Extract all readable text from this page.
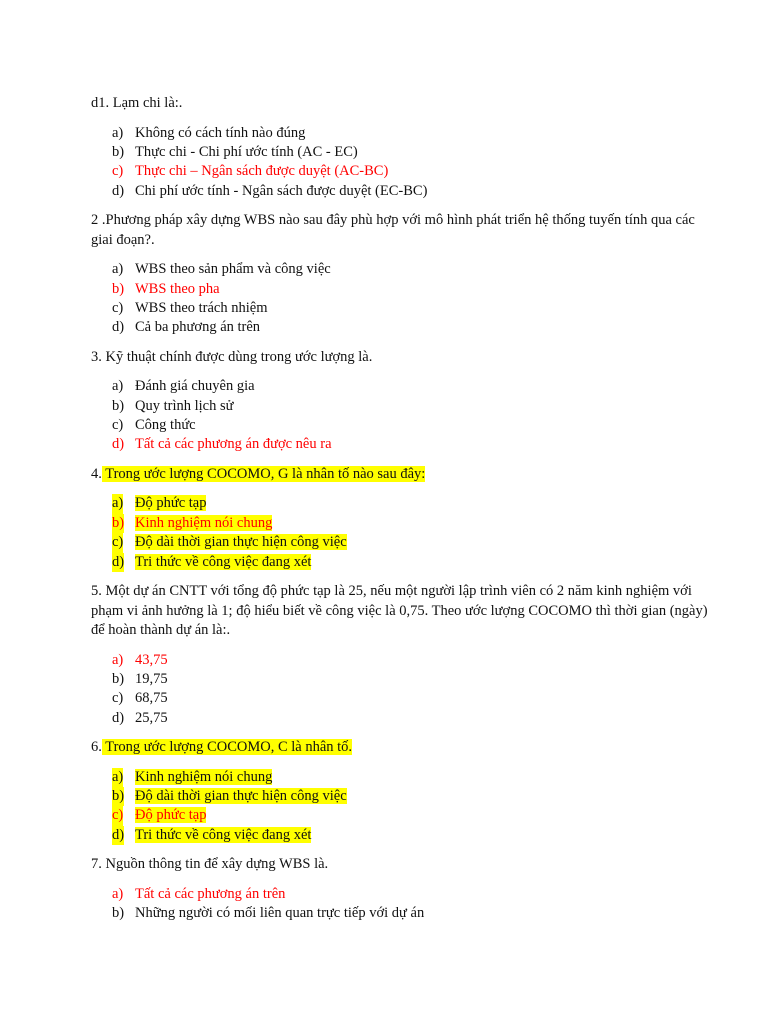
d1. Lạm chi là:.

a) Không có cách tính nào đúng
b) Thực chi - Chi phí ước tính (AC - EC)
c) Thực chi – Ngân sách được duyệt (AC-BC)
d) Chi phí ước tính - Ngân sách được duyệt (EC-BC)

2 .Phương pháp xây dựng WBS nào sau đây phù hợp với mô hình phát triển hệ thống tuyến tính qua các giai đoạn?.

a) WBS theo sản phẩm và công việc
b) WBS theo pha
c) WBS theo trách nhiệm
d) Cả ba phương án trên

3. Kỹ thuật chính được dùng trong ước lượng là.

a) Đánh giá chuyên gia
b) Quy trình lịch sử
c) Công thức
d) Tất cả các phương án được nêu ra

4. Trong ước lượng COCOMO, G là nhân tố nào sau đây:

a) Độ phức tạp
b) Kinh nghiệm nói chung
c) Độ dài thời gian thực hiện công việc
d) Tri thức về công việc đang xét

5. Một dự án CNTT với tổng độ phức tạp là 25, nếu một người lập trình viên có 2 năm kinh nghiệm với phạm vi ảnh hưởng là 1; độ hiểu biết về công việc là 0,75. Theo ước lượng COCOMO thì thời gian (ngày) để hoàn thành dự án là:.

a) 43,75
b) 19,75
c) 68,75
d) 25,75

6. Trong ước lượng COCOMO, C là nhân tố.

a) Kinh nghiệm nói chung
b) Độ dài thời gian thực hiện công việc
c) Độ phức tạp
d) Tri thức về công việc đang xét

7. Nguồn thông tin để xây dựng WBS là.

a) Tất cả các phương án trên
b) Những người có mối liên quan trực tiếp với dự án
